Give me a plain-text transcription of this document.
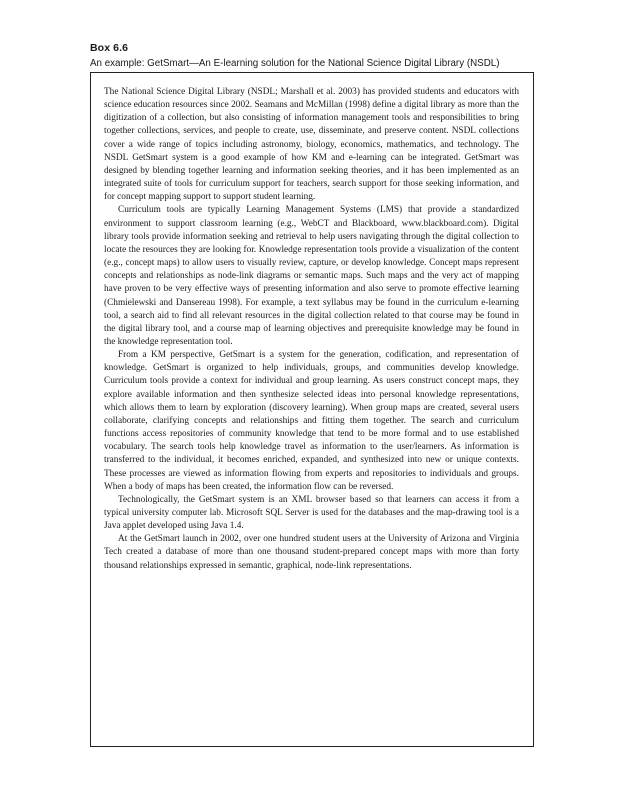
Box 6.6
An example: GetSmart—An E-learning solution for the National Science Digital Library (NSDL)

The National Science Digital Library (NSDL; Marshall et al. 2003) has provided students and educators with science education resources since 2002. Seamans and McMillan (1998) define a digital library as more than the digitization of a collection, but also consisting of information management tools and responsibilities to bring together collections, services, and people to create, use, disseminate, and preserve content. NSDL collections cover a wide range of topics including astronomy, biology, economics, mathematics, and technology. The NSDL GetSmart system is a good example of how KM and e-learning can be integrated. GetSmart was designed by blending together learning and information seeking theories, and it has been implemented as an integrated suite of tools for curriculum support for teachers, search support for those seeking information, and for concept mapping support to support student learning.

Curriculum tools are typically Learning Management Systems (LMS) that provide a standardized environment to support classroom learning (e.g., WebCT and Blackboard, www.blackboard.com). Digital library tools provide information seeking and retrieval to help users navigating through the digital collection to locate the resources they are looking for. Knowledge representation tools provide a visualization of the content (e.g., concept maps) to allow users to visually review, capture, or develop knowledge. Concept maps represent concepts and relationships as node-link diagrams or semantic maps. Such maps and the very act of mapping have proven to be very effective ways of presenting information and also serve to promote effective learning (Chmielewski and Dansereau 1998). For example, a text syllabus may be found in the curriculum e-learning tool, a search aid to find all relevant resources in the digital collection related to that course may be found in the digital library tool, and a course map of learning objectives and prerequisite knowledge may be found in the knowledge representation tool.

From a KM perspective, GetSmart is a system for the generation, codification, and representation of knowledge. GetSmart is organized to help individuals, groups, and communities develop knowledge. Curriculum tools provide a context for individual and group learning. As users construct concept maps, they explore available information and then synthesize selected ideas into personal knowledge representations, which allows them to learn by exploration (discovery learning). When group maps are created, several users collaborate, clarifying concepts and relationships and fitting them together. The search and curriculum functions access repositories of community knowledge that tend to be more formal and to use established vocabulary. The search tools help knowledge travel as information to the user/learners. As information is transferred to the individual, it becomes enriched, expanded, and synthesized into new or unique contexts. These processes are viewed as information flowing from experts and repositories to individuals and groups. When a body of maps has been created, the information flow can be reversed.

Technologically, the GetSmart system is an XML browser based so that learners can access it from a typical university computer lab. Microsoft SQL Server is used for the databases and the map-drawing tool is a Java applet developed using Java 1.4.

At the GetSmart launch in 2002, over one hundred student users at the University of Arizona and Virginia Tech created a database of more than one thousand student-prepared concept maps with more than forty thousand relationships expressed in semantic, graphical, node-link representations.
